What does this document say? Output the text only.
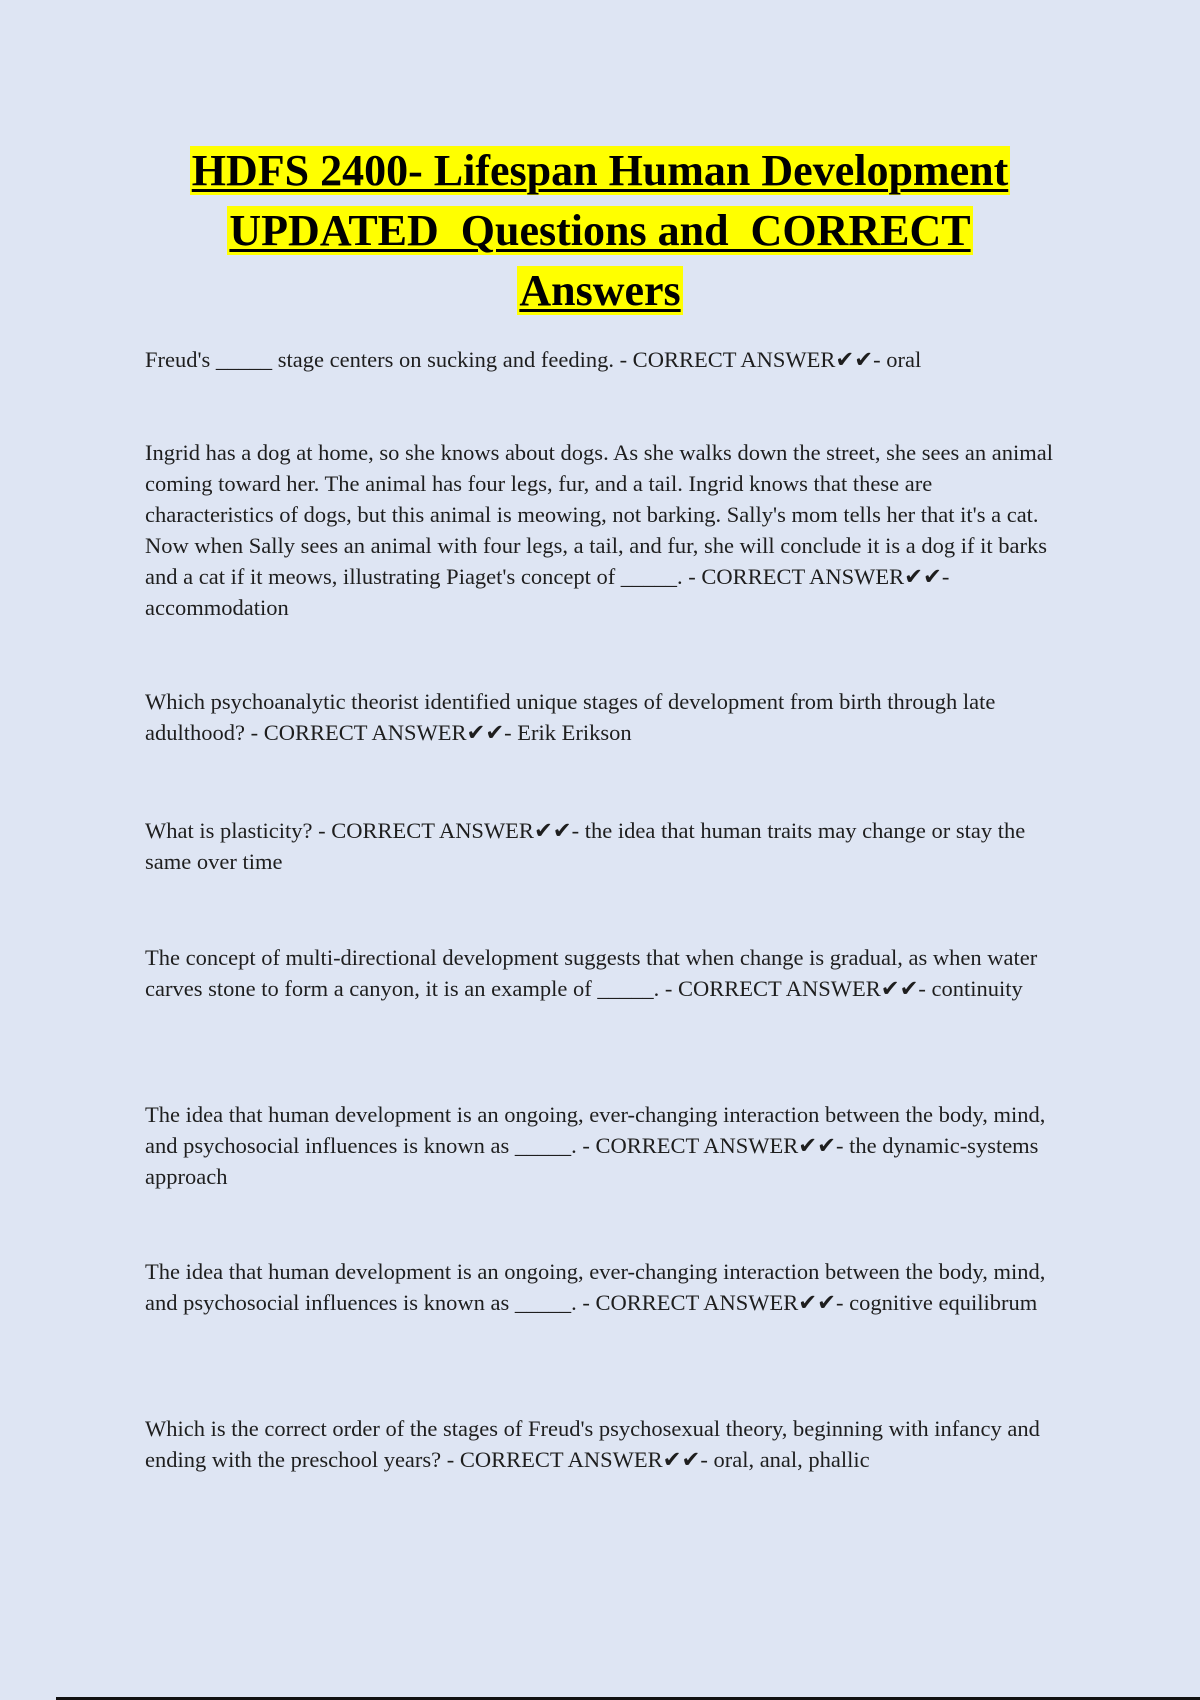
HDFS 2400- Lifespan Human Development
UPDATED  Questions and  CORRECT
Answers

Freud's _____ stage centers on sucking and feeding. - CORRECT ANSWER✔✔- oral

Ingrid has a dog at home, so she knows about dogs. As she walks down the street, she sees an animal coming toward her. The animal has four legs, fur, and a tail. Ingrid knows that these are characteristics of dogs, but this animal is meowing, not barking. Sally's mom tells her that it's a cat. Now when Sally sees an animal with four legs, a tail, and fur, she will conclude it is a dog if it barks and a cat if it meows, illustrating Piaget's concept of _____. - CORRECT ANSWER✔✔- accommodation

Which psychoanalytic theorist identified unique stages of development from birth through late adulthood? - CORRECT ANSWER✔✔- Erik Erikson

What is plasticity? - CORRECT ANSWER✔✔- the idea that human traits may change or stay the same over time

The concept of multi-directional development suggests that when change is gradual, as when water carves stone to form a canyon, it is an example of _____. - CORRECT ANSWER✔✔- continuity

The idea that human development is an ongoing, ever-changing interaction between the body, mind, and psychosocial influences is known as _____. - CORRECT ANSWER✔✔- the dynamic-systems approach

The idea that human development is an ongoing, ever-changing interaction between the body, mind, and psychosocial influences is known as _____. - CORRECT ANSWER✔✔- cognitive equilibrum

Which is the correct order of the stages of Freud's psychosexual theory, beginning with infancy and ending with the preschool years? - CORRECT ANSWER✔✔- oral, anal, phallic
